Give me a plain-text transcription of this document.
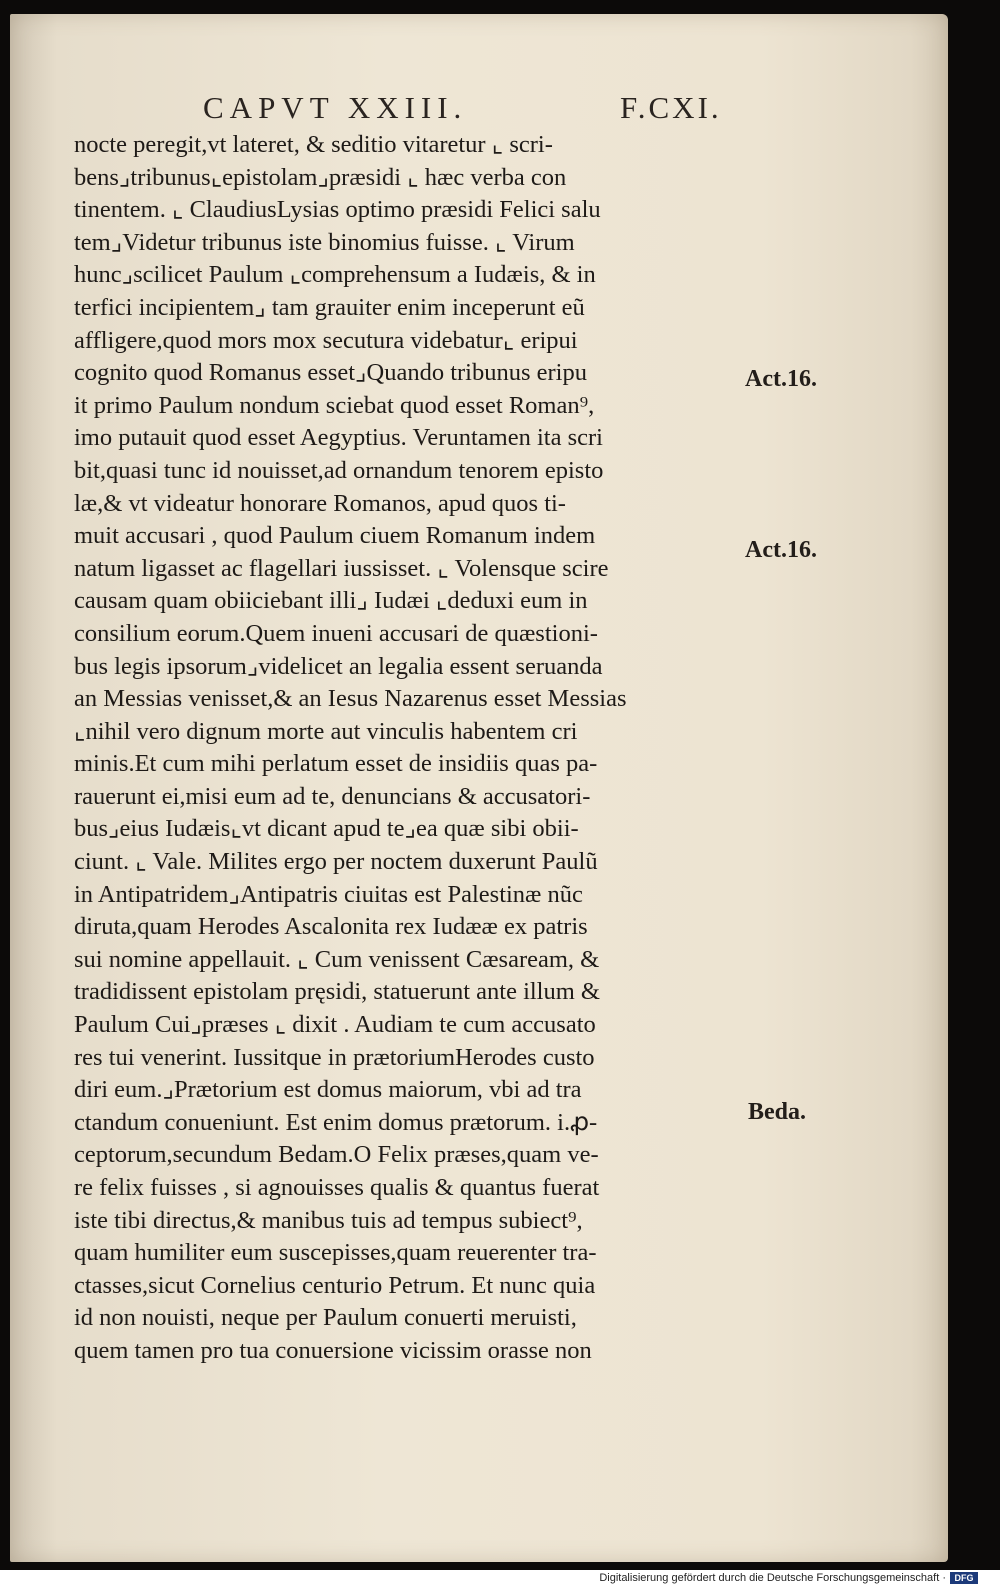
CAPVT XXIII.	F.CXI.
nocte peregit,vt lateret, & seditio vitaretur ⌞ scri-
bens⌟tribunus⌞epistolam⌟præsidi ⌞ hæc verba con
tinentem. ⌞ ClaudiusLysias optimo præsidi Felici salu
tem⌟Videtur tribunus iste binomius fuisse. ⌞ Virum
hunc⌟scilicet Paulum ⌞comprehensum a Iudæis, & in
terfici incipientem⌟ tam grauiter enim inceperunt eũ
affligere,quod mors mox secutura videbatur⌞ eripui
cognito quod Romanus esset⌟Quando tribunus eripu
it primo Paulum nondum sciebat quod esset Roman⁹,
imo putauit quod esset Aegyptius. Veruntamen ita scri
bit,quasi tunc id nouisset,ad ornandum tenorem episto
læ,& vt videatur honorare Romanos, apud quos ti-
muit accusari , quod Paulum ciuem Romanum indem
natum ligasset ac flagellari iussisset. ⌞ Volensque scire
causam quam obiiciebant illi⌟ Iudæi ⌞deduxi eum in
consilium eorum.Quem inueni accusari de quæstioni-
bus legis ipsorum⌟videlicet an legalia essent seruanda
an Messias venisset,& an Iesus Nazarenus esset Messias
⌞nihil vero dignum morte aut vinculis habentem cri
minis.Et cum mihi perlatum esset de insidiis quas pa-
rauerunt ei,misi eum ad te, denuncians & accusatori-
bus⌟eius Iudæis⌞vt dicant apud te⌟ea quæ sibi obii-
ciunt. ⌞ Vale. Milites ergo per noctem duxerunt Paulũ
in Antipatridem⌟Antipatris ciuitas est Palestinæ nũc
diruta,quam Herodes Ascalonita rex Iudææ ex patris
sui nomine appellauit. ⌞ Cum venissent Cæsaream, &
tradidissent epistolam pręsidi, statuerunt ante illum &
Paulum Cui⌟præses ⌞ dixit . Audiam te cum accusato
res tui venerint. Iussitque in prætoriumHerodes custo
diri eum.⌟Prætorium est domus maiorum, vbi ad tra
ctandum conueniunt. Est enim domus prætorum. i.ꝓ-
ceptorum,secundum Bedam.O Felix præses,quam ve-
re felix fuisses , si agnouisses qualis & quantus fuerat
iste tibi directus,& manibus tuis ad tempus subiect⁹,
quam humiliter eum suscepisses,quam reuerenter tra-
ctasses,sicut Cornelius centurio Petrum. Et nunc quia
id non nouisti, neque per Paulum conuerti meruisti,
quem tamen pro tua conuersione vicissim orasse non
Act.16.
Act.16.
Beda.
Digitalisierung gefördert durch die Deutsche Forschungsgemeinschaft · DFG
